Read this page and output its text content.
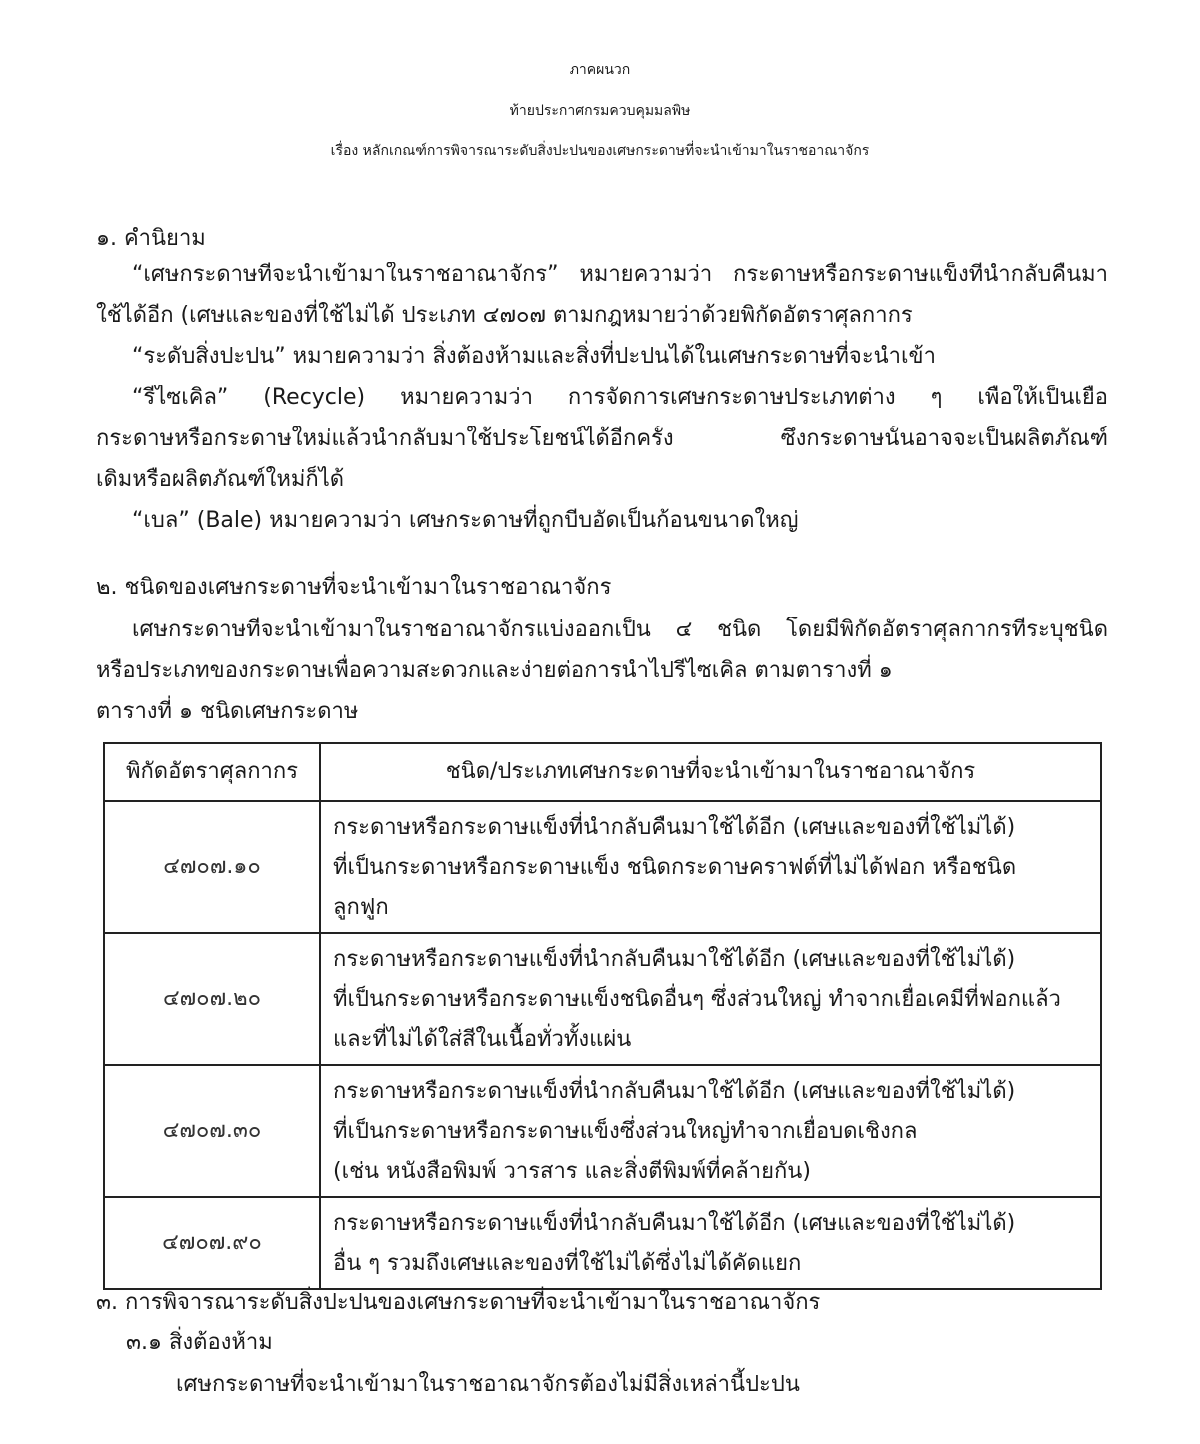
ภาคผนวก
ท้ายประกาศกรมควบคุมมลพิษ
เรื่อง หลักเกณฑ์การพิจารณาระดับสิ่งปะปนของเศษกระดาษที่จะนำเข้ามาในราชอาณาจักร
๑. คำนิยาม
“เศษกระดาษที่จะนำเข้ามาในราชอาณาจักร” หมายความว่า กระดาษหรือกระดาษแข็งที่นำกลับคืนมา
ใช้ได้อีก (เศษและของที่ใช้ไม่ได้ ประเภท ๔๗๐๗ ตามกฎหมายว่าด้วยพิกัดอัตราศุลกากร
“ระดับสิ่งปะปน” หมายความว่า สิ่งต้องห้ามและสิ่งที่ปะปนได้ในเศษกระดาษที่จะนำเข้า
“รีไซเคิล” (Recycle) หมายความว่า การจัดการเศษกระดาษประเภทต่าง ๆ เพื่อให้เป็นเยื่อ
กระดาษหรือกระดาษใหม่แล้วนำกลับมาใช้ประโยชน์ได้อีกครั้ง ซึ่งกระดาษนั้นอาจจะเป็นผลิตภัณฑ์
เดิมหรือผลิตภัณฑ์ใหม่ก็ได้
“เบล” (Bale) หมายความว่า เศษกระดาษที่ถูกบีบอัดเป็นก้อนขนาดใหญ่
๒. ชนิดของเศษกระดาษที่จะนำเข้ามาในราชอาณาจักร
เศษกระดาษที่จะนำเข้ามาในราชอาณาจักรแบ่งออกเป็น ๔ ชนิด โดยมีพิกัดอัตราศุลกากรที่ระบุชนิด
หรือประเภทของกระดาษเพื่อความสะดวกและง่ายต่อการนำไปรีไซเคิล ตามตารางที่ ๑
ตารางที่ ๑ ชนิดเศษกระดาษ
พิกัดอัตราศุลกากร	ชนิด/ประเภทเศษกระดาษที่จะนำเข้ามาในราชอาณาจักร
๔๗๐๗.๑๐	กระดาษหรือกระดาษแข็งที่นำกลับคืนมาใช้ได้อีก (เศษและของที่ใช้ไม่ได้)
ที่เป็นกระดาษหรือกระดาษแข็ง ชนิดกระดาษคราฟต์ที่ไม่ได้ฟอก หรือชนิด
ลูกฟูก

๔๗๐๗.๒๐	กระดาษหรือกระดาษแข็งที่นำกลับคืนมาใช้ได้อีก (เศษและของที่ใช้ไม่ได้)
ที่เป็นกระดาษหรือกระดาษแข็งชนิดอื่นๆ ซึ่งส่วนใหญ่ ทำจากเยื่อเคมีที่ฟอกแล้ว
และที่ไม่ได้ใส่สีในเนื้อทั่วทั้งแผ่น

๔๗๐๗.๓๐	กระดาษหรือกระดาษแข็งที่นำกลับคืนมาใช้ได้อีก (เศษและของที่ใช้ไม่ได้)
ที่เป็นกระดาษหรือกระดาษแข็งซึ่งส่วนใหญ่ทำจากเยื่อบดเชิงกล
(เช่น หนังสือพิมพ์ วารสาร และสิ่งตีพิมพ์ที่คล้ายกัน)

๔๗๐๗.๙๐	กระดาษหรือกระดาษแข็งที่นำกลับคืนมาใช้ได้อีก (เศษและของที่ใช้ไม่ได้)
อื่น ๆ รวมถึงเศษและของที่ใช้ไม่ได้ซึ่งไม่ได้คัดแยก
๓. การพิจารณาระดับสิ่งปะปนของเศษกระดาษที่จะนำเข้ามาในราชอาณาจักร
๓.๑ สิ่งต้องห้าม
เศษกระดาษที่จะนำเข้ามาในราชอาณาจักรต้องไม่มีสิ่งเหล่านี้ปะปน
